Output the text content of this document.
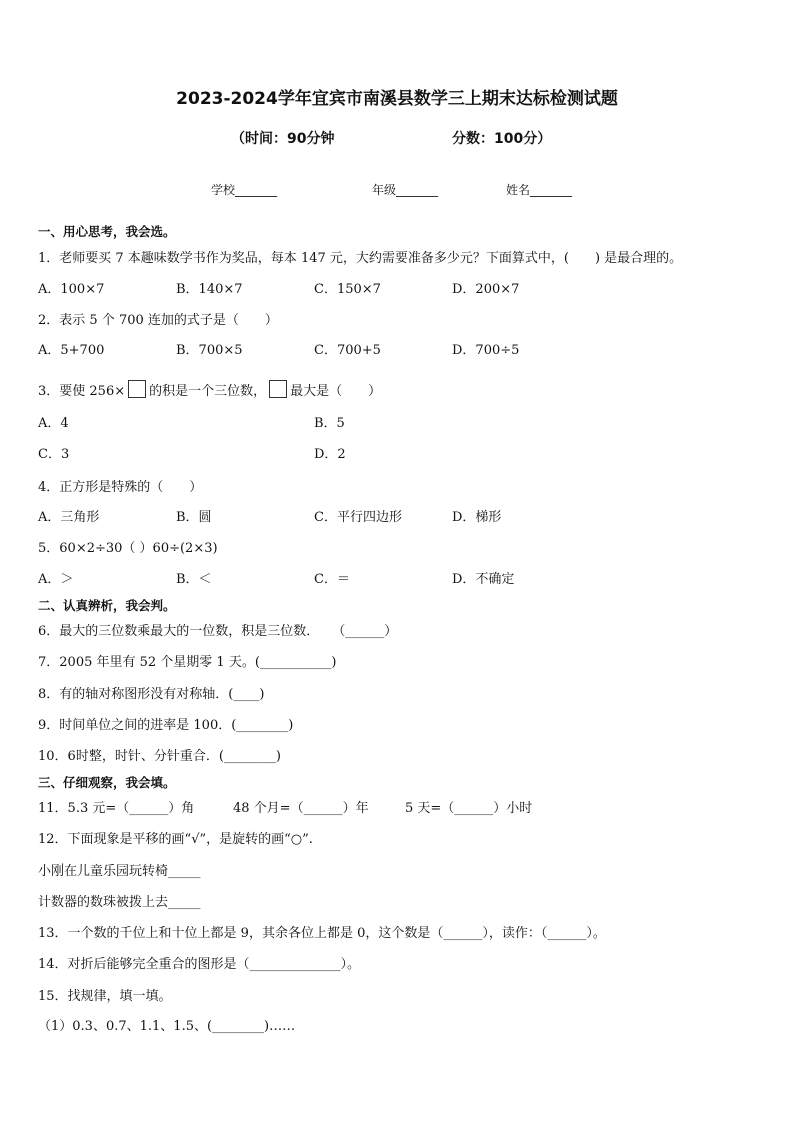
2023-2024学年宜宾市南溪县数学三上期末达标检测试题
（时间：90分钟	分数：100分）
学校_______	年级_______	姓名_______
一、用心思考，我会选。
1．老师要买 7 本趣味数学书作为奖品，每本 147 元，大约需要准备多少元？下面算式中，(　　) 是最合理的。
A．100×7	B．140×7	C．150×7	D．200×7
2．表示 5 个 700 连加的式子是（　　）
A．5+700	B．700×5	C．700+5	D．700÷5
3．要使 256× 的积是一个三位数， 最大是（　　）
A．4	B．5
C．3	D．2
4．正方形是特殊的（　　）
A．三角形	B．圆	C．平行四边形	D．梯形
5．60×2÷30（ ）60÷(2×3)
A．＞	B．＜	C．＝	D．不确定
二、认真辨析，我会判。
6．最大的三位数乘最大的一位数，积是三位数．　　（______）
7．2005 年里有 52 个星期零 1 天。(___________)
8．有的轴对称图形没有对称轴．(____)
9．时间单位之间的进率是 100．(________)
10．6时整，时针、分针重合．(________)
三、仔细观察，我会填。
11．5.3 元=（______）角	48 个月=（______）年	5 天=（______）小时
12．下面现象是平移的画“√”，是旋转的画“○”.
小刚在儿童乐园玩转椅_____
计数器的数珠被拨上去_____
13．一个数的千位上和十位上都是 9，其余各位上都是 0，这个数是（______），读作：（______）。
14．对折后能够完全重合的图形是（______________）。
15．找规律，填一填。
（1）0.3、0.7、1.1、1.5、(________)……
